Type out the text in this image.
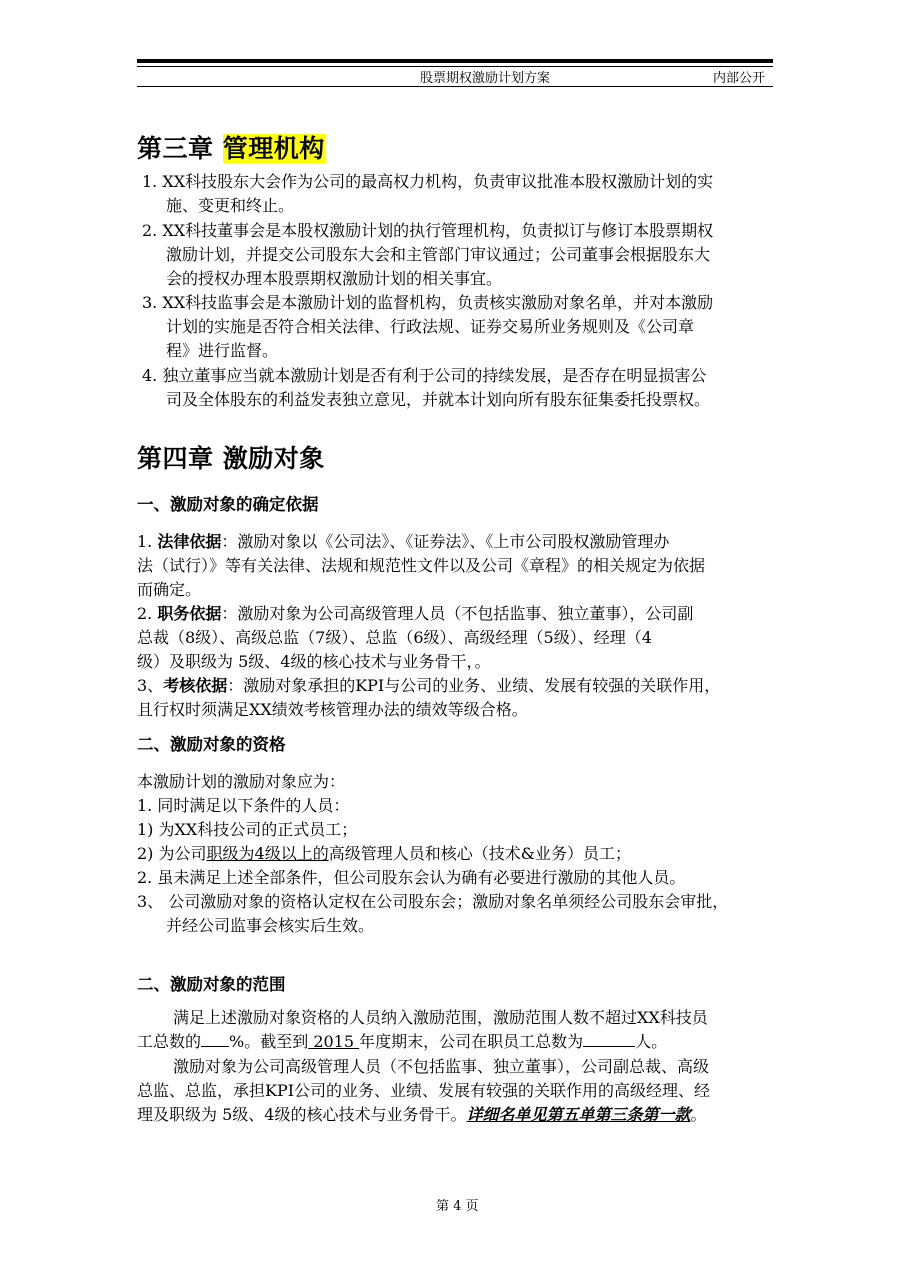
股票期权激励计划方案	内部公开
第三章 管理机构
1. XX科技股东大会作为公司的最高权力机构，负责审议批准本股权激励计划的实
施、变更和终止。
2. XX科技董事会是本股权激励计划的执行管理机构，负责拟订与修订本股票期权
激励计划，并提交公司股东大会和主管部门审议通过；公司董事会根据股东大
会的授权办理本股票期权激励计划的相关事宜。
3. XX科技监事会是本激励计划的监督机构，负责核实激励对象名单，并对本激励
计划的实施是否符合相关法律、行政法规、证券交易所业务规则及《公司章
程》进行监督。
4. 独立董事应当就本激励计划是否有利于公司的持续发展，是否存在明显损害公
司及全体股东的利益发表独立意见，并就本计划向所有股东征集委托投票权。
第四章 激励对象
一、激励对象的确定依据
1. 法律依据：激励对象以《公司法》、《证券法》、《上市公司股权激励管理办
法（试行）》等有关法律、法规和规范性文件以及公司《章程》的相关规定为依据
而确定。
2. 职务依据：激励对象为公司高级管理人员（不包括监事、独立董事），公司副
总裁（8级）、高级总监（7级）、总监（6级）、高级经理（5级）、经理（4
级）及职级为 5级、4级的核心技术与业务骨干，。
3、考核依据：激励对象承担的KPI与公司的业务、业绩、发展有较强的关联作用，
且行权时须满足XX绩效考核管理办法的绩效等级合格。
二、激励对象的资格
本激励计划的激励对象应为：
1. 同时满足以下条件的人员：
1) 为XX科技公司的正式员工；
2) 为公司职级为4级以上的高级管理人员和核心（技术&业务）员工；
2. 虽未满足上述全部条件，但公司股东会认为确有必要进行激励的其他人员。
3、 公司激励对象的资格认定权在公司股东会；激励对象名单须经公司股东会审批，
并经公司监事会核实后生效。
二、激励对象的范围
满足上述激励对象资格的人员纳入激励范围，激励范围人数不超过XX科技员
工总数的 %。截至到 2015 年度期末，公司在职员工总数为	人。
激励对象为公司高级管理人员（不包括监事、独立董事），公司副总裁、高级
总监、总监，承担KPI公司的业务、业绩、发展有较强的关联作用的高级经理、经
理及职级为 5级、4级的核心技术与业务骨干。详细名单见第五单第三条第一款。
第 4 页
